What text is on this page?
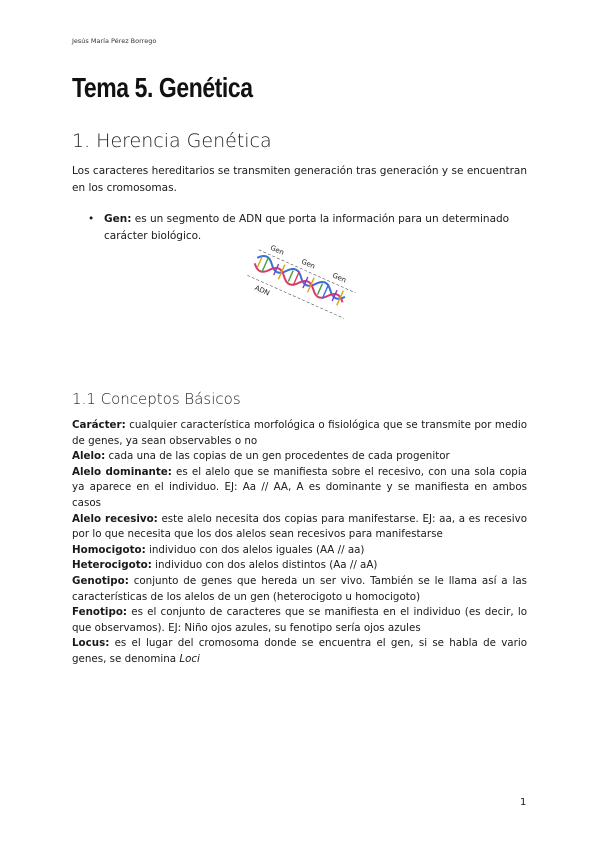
Jesús María Pérez Borrego
Tema 5. Genética
1. Herencia Genética
Los caracteres hereditarios se transmiten generación tras generación y se encuentran en los cromosomas.
• Gen: es un segmento de ADN que porta la información para un determinado carácter biológico.
Gen
Gen
Gen
ADN
1.1 Conceptos Básicos

Carácter: cualquier característica morfológica o fisiológica que se transmite por medio de genes, ya sean observables o no

Alelo: cada una de las copias de un gen procedentes de cada progenitor

Alelo dominante: es el alelo que se manifiesta sobre el recesivo, con una sola copia ya aparece en el individuo. EJ: Aa // AA, A es dominante y se manifiesta en ambos casos

Alelo recesivo: este alelo necesita dos copias para manifestarse. EJ: aa, a es recesivo por lo que necesita que los dos alelos sean recesivos para manifestarse

Homocigoto: individuo con dos alelos iguales (AA // aa)

Heterocigoto: individuo con dos alelos distintos (Aa // aA)

Genotipo: conjunto de genes que hereda un ser vivo. También se le llama así a las características de los alelos de un gen (heterocigoto u homocigoto)

Fenotipo: es el conjunto de caracteres que se manifiesta en el individuo (es decir, lo que observamos). EJ: Niño ojos azules, su fenotipo sería ojos azules

Locus: es el lugar del cromosoma donde se encuentra el gen, si se habla de vario genes, se denomina Loci

1
